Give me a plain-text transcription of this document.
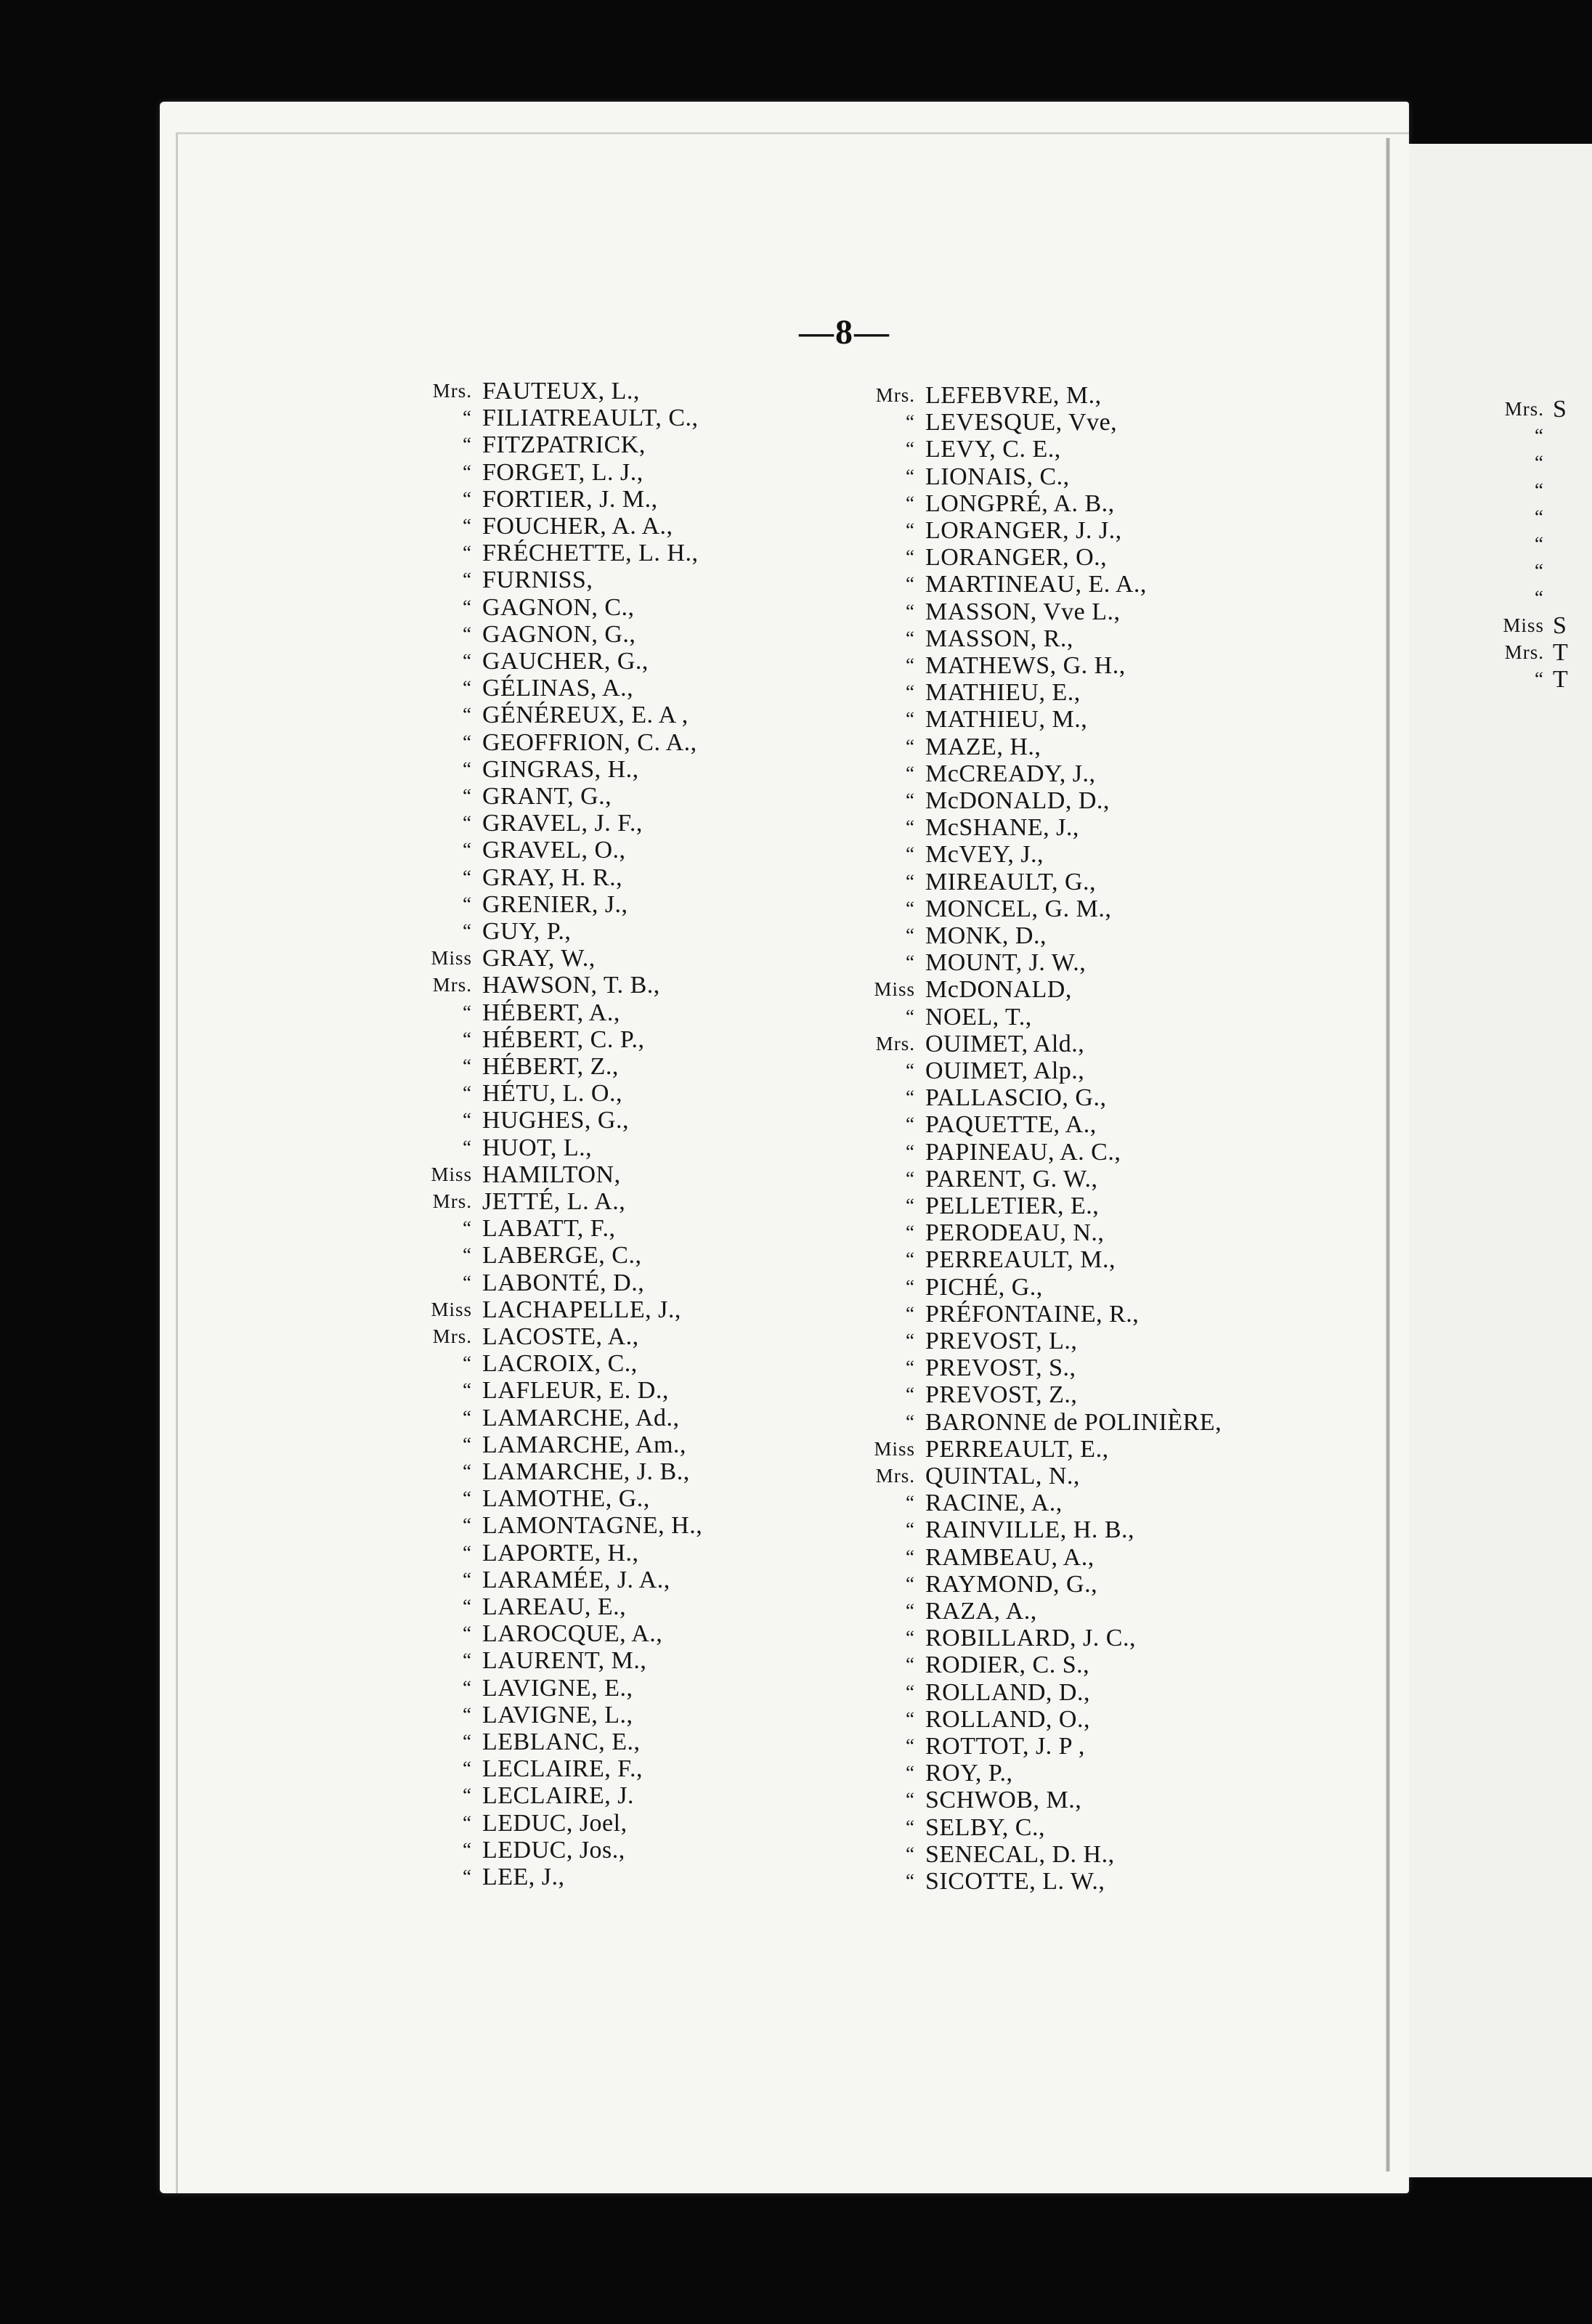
—8—
Mrs. FAUTEUX, L.,
“ FILIATREAULT, C.,
“ FITZPATRICK,
“ FORGET, L. J.,
“ FORTIER, J. M.,
“ FOUCHER, A. A.,
“ FRÉCHETTE, L. H.,
“ FURNISS,
“ GAGNON, C.,
“ GAGNON, G.,
“ GAUCHER, G.,
“ GÉLINAS, A.,
“ GÉNÉREUX, E. A ,
“ GEOFFRION, C. A.,
“ GINGRAS, H.,
“ GRANT, G.,
“ GRAVEL, J. F.,
“ GRAVEL, O.,
“ GRAY, H. R.,
“ GRENIER, J.,
“ GUY, P.,
Miss GRAY, W.,
Mrs. HAWSON, T. B.,
“ HÉBERT, A.,
“ HÉBERT, C. P.,
“ HÉBERT, Z.,
“ HÉTU, L. O.,
“ HUGHES, G.,
“ HUOT, L.,
Miss HAMILTON,
Mrs. JETTÉ, L. A.,
“ LABATT, F.,
“ LABERGE, C.,
“ LABONTÉ, D.,
Miss LACHAPELLE, J.,
Mrs. LACOSTE, A.,
“ LACROIX, C.,
“ LAFLEUR, E. D.,
“ LAMARCHE, Ad.,
“ LAMARCHE, Am.,
“ LAMARCHE, J. B.,
“ LAMOTHE, G.,
“ LAMONTAGNE, H.,
“ LAPORTE, H.,
“ LARAMÉE, J. A.,
“ LAREAU, E.,
“ LAROCQUE, A.,
“ LAURENT, M.,
“ LAVIGNE, E.,
“ LAVIGNE, L.,
“ LEBLANC, E.,
“ LECLAIRE, F.,
“ LECLAIRE, J.
“ LEDUC, Joel,
“ LEDUC, Jos.,
“ LEE, J.,
Mrs. LEFEBVRE, M.,
“ LEVESQUE, Vve,
“ LEVY, C. E.,
“ LIONAIS, C.,
“ LONGPRÉ, A. B.,
“ LORANGER, J. J.,
“ LORANGER, O.,
“ MARTINEAU, E. A.,
“ MASSON, Vve L.,
“ MASSON, R.,
“ MATHEWS, G. H.,
“ MATHIEU, E.,
“ MATHIEU, M.,
“ MAZE, H.,
“ McCREADY, J.,
“ McDONALD, D.,
“ McSHANE, J.,
“ McVEY, J.,
“ MIREAULT, G.,
“ MONCEL, G. M.,
“ MONK, D.,
“ MOUNT, J. W.,
Miss McDONALD,
“ NOEL, T.,
Mrs. OUIMET, Ald.,
“ OUIMET, Alp.,
“ PALLASCIO, G.,
“ PAQUETTE, A.,
“ PAPINEAU, A. C.,
“ PARENT, G. W.,
“ PELLETIER, E.,
“ PERODEAU, N.,
“ PERREAULT, M.,
“ PICHÉ, G.,
“ PRÉFONTAINE, R.,
“ PREVOST, L.,
“ PREVOST, S.,
“ PREVOST, Z.,
“ BARONNE de POLINIÈRE,
Miss PERREAULT, E.,
Mrs. QUINTAL, N.,
“ RACINE, A.,
“ RAINVILLE, H. B.,
“ RAMBEAU, A.,
“ RAYMOND, G.,
“ RAZA, A.,
“ ROBILLARD, J. C.,
“ RODIER, C. S.,
“ ROLLAND, D.,
“ ROLLAND, O.,
“ ROTTOT, J. P ,
“ ROY, P.,
“ SCHWOB, M.,
“ SELBY, C.,
“ SENECAL, D. H.,
“ SICOTTE, L. W.,
Mrs. S
“
“
“
“
“
“
“
Miss S
Mrs. T
“ T
